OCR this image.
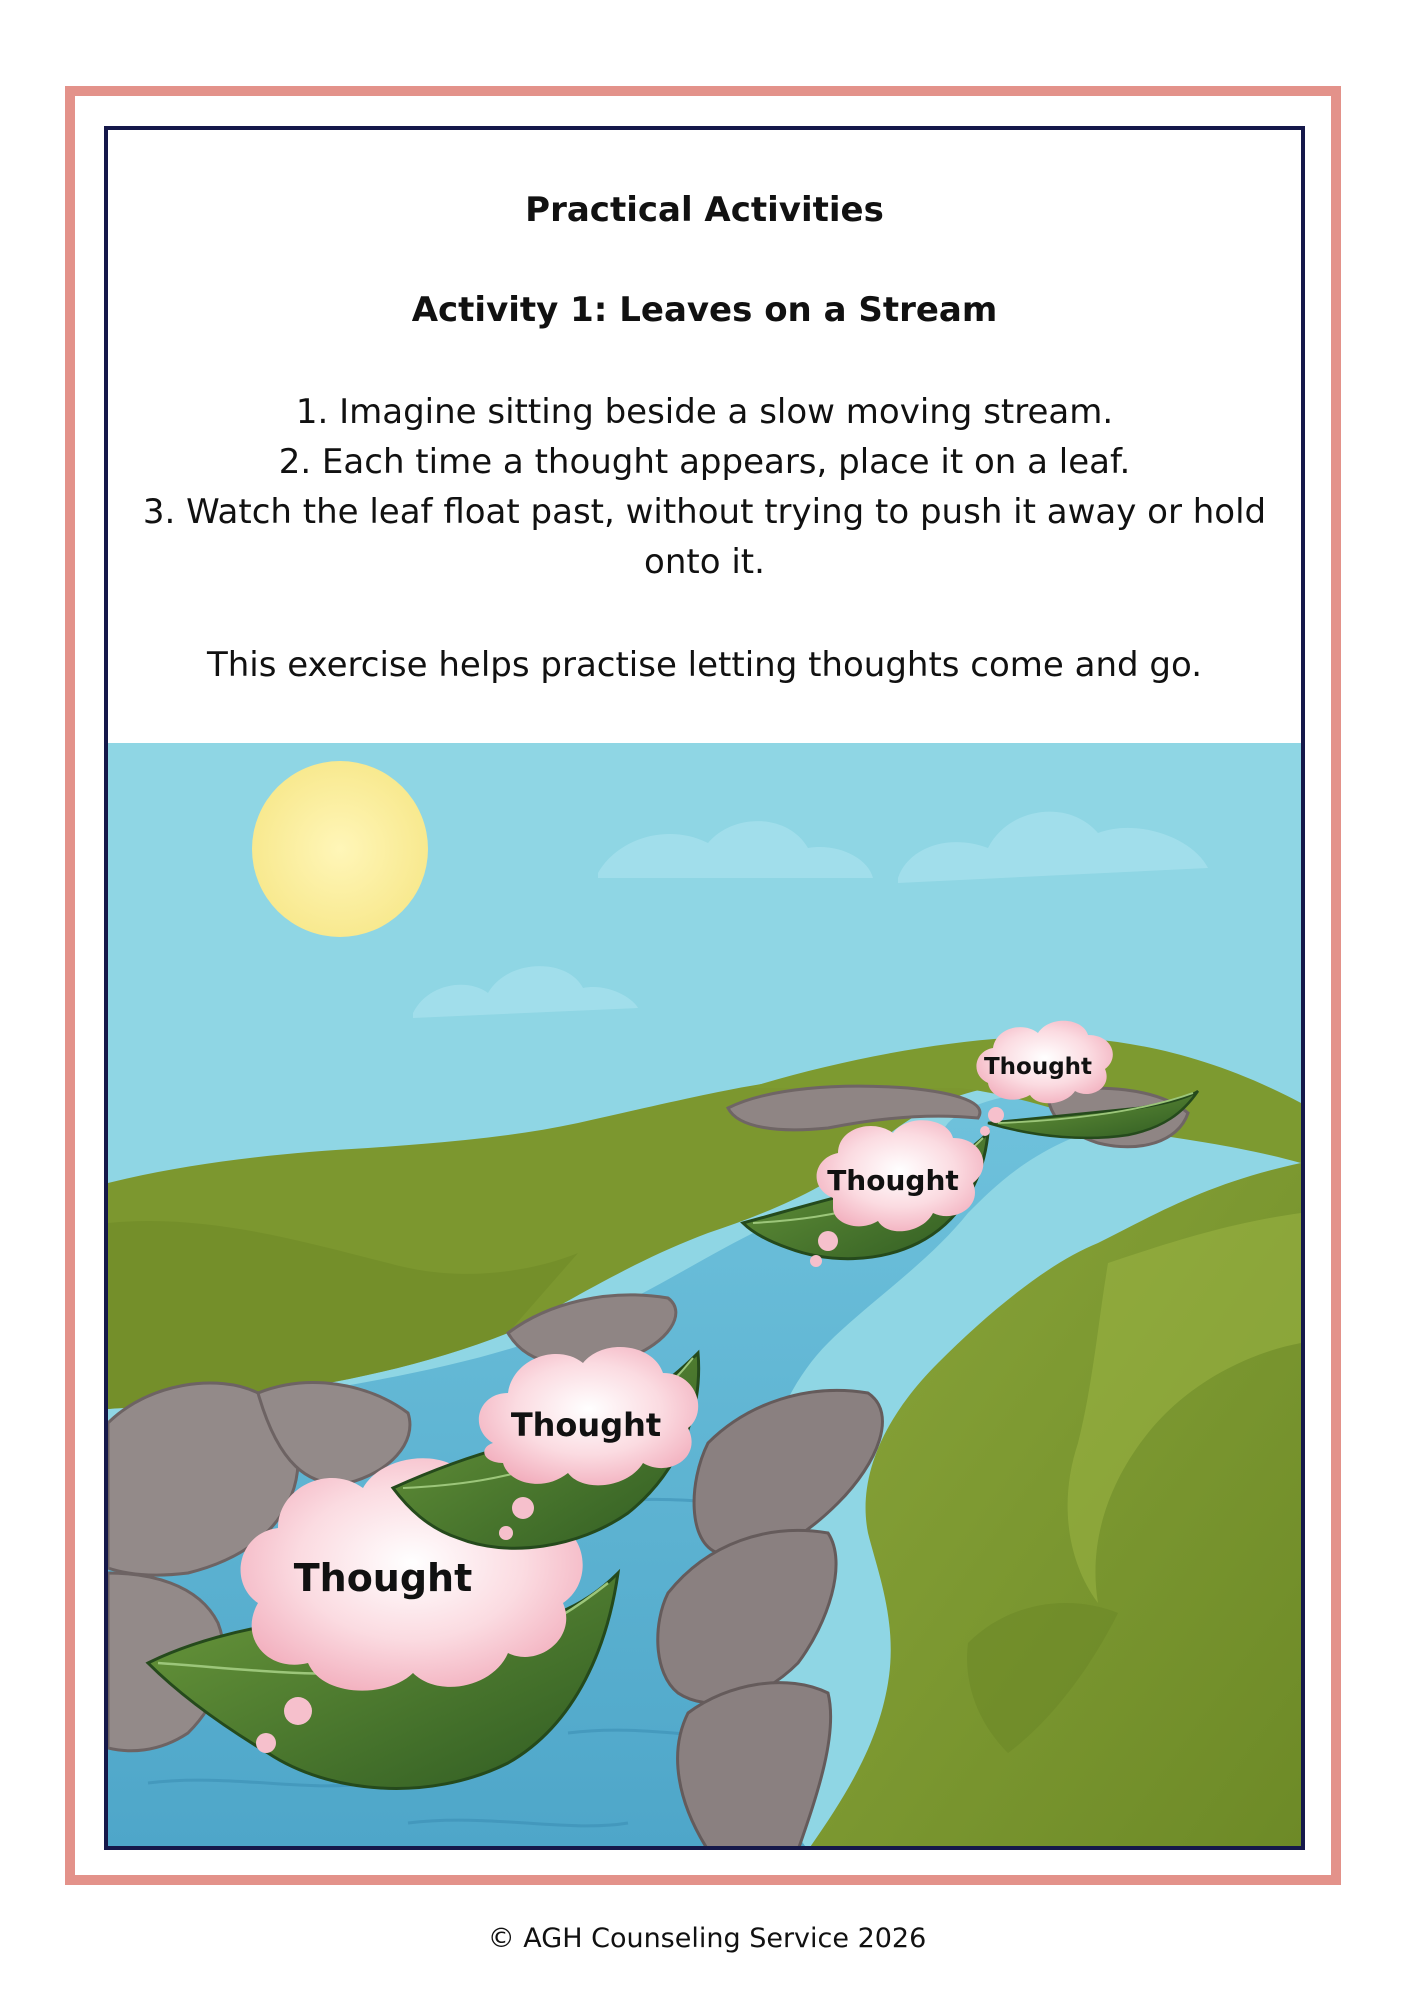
Practical Activities
Activity 1: Leaves on a Stream
1. Imagine sitting beside a slow moving stream.
2. Each time a thought appears, place it on a leaf.
3. Watch the leaf float past, without trying to push it away or hold onto it.

This exercise helps practise letting thoughts come and go.

Thought
Thought
Thought
Thought

© AGH Counseling Service 2026
